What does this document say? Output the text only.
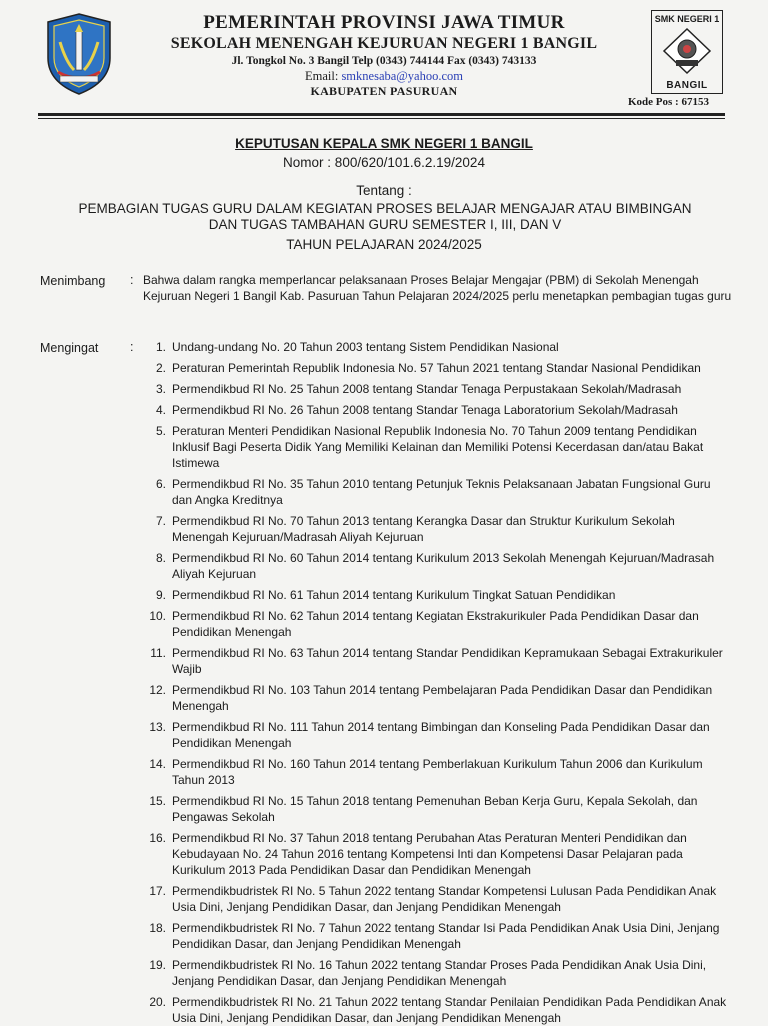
PEMERINTAH PROVINSI JAWA TIMUR
SEKOLAH MENENGAH KEJURUAN NEGERI 1 BANGIL
Jl. Tongkol No. 3 Bangil Telp (0343) 744144 Fax (0343) 743133
Email: smknesaba@yahoo.com
KABUPATEN PASURUAN
SMK NEGERI 1
BANGIL
Kode Pos : 67153
KEPUTUSAN KEPALA SMK NEGERI 1 BANGIL
Nomor : 800/620/101.6.2.19/2024
Tentang :
PEMBAGIAN TUGAS GURU DALAM KEGIATAN PROSES BELAJAR MENGAJAR ATAU BIMBINGAN
DAN TUGAS TAMBAHAN GURU SEMESTER I, III, DAN V
TAHUN PELAJARAN 2024/2025
Menimbang : Bahwa dalam rangka memperlancar pelaksanaan Proses Belajar Mengajar (PBM) di Sekolah Menengah Kejuruan Negeri 1 Bangil Kab. Pasuruan Tahun Pelajaran 2024/2025 perlu menetapkan pembagian tugas guru
Mengingat	:	1. Undang-undang No. 20 Tahun 2003 tentang Sistem Pendidikan Nasional
2. Peraturan Pemerintah Republik Indonesia No. 57 Tahun 2021 tentang Standar Nasional Pendidikan
3. Permendikbud RI No. 25 Tahun 2008 tentang Standar Tenaga Perpustakaan Sekolah/Madrasah
4. Permendikbud RI No. 26 Tahun 2008 tentang Standar Tenaga Laboratorium Sekolah/Madrasah
5. Peraturan Menteri Pendidikan Nasional Republik Indonesia No. 70 Tahun 2009 tentang Pendidikan Inklusif Bagi Peserta Didik Yang Memiliki Kelainan dan Memiliki Potensi Kecerdasan dan/atau Bakat Istimewa
6. Permendikbud RI No. 35 Tahun 2010 tentang Petunjuk Teknis Pelaksanaan Jabatan Fungsional Guru dan Angka Kreditnya
7. Permendikbud RI No. 70 Tahun 2013 tentang Kerangka Dasar dan Struktur Kurikulum Sekolah Menengah Kejuruan/Madrasah Aliyah Kejuruan
8. Permendikbud RI No. 60 Tahun 2014 tentang Kurikulum 2013 Sekolah Menengah Kejuruan/Madrasah Aliyah Kejuruan
9. Permendikbud RI No. 61 Tahun 2014 tentang Kurikulum Tingkat Satuan Pendidikan
10. Permendikbud RI No. 62 Tahun 2014 tentang Kegiatan Ekstrakurikuler Pada Pendidikan Dasar dan Pendidikan Menengah
11. Permendikbud RI No. 63 Tahun 2014 tentang Standar Pendidikan Kepramukaan Sebagai Extrakurikuler Wajib
12. Permendikbud RI No. 103 Tahun 2014 tentang Pembelajaran Pada Pendidikan Dasar dan Pendidikan Menengah
13. Permendikbud RI No. 111 Tahun 2014 tentang Bimbingan dan Konseling Pada Pendidikan Dasar dan Pendidikan Menengah
14. Permendikbud RI No. 160 Tahun 2014 tentang Pemberlakuan Kurikulum Tahun 2006 dan Kurikulum Tahun 2013
15. Permendikbud RI No. 15 Tahun 2018 tentang Pemenuhan Beban Kerja Guru, Kepala Sekolah, dan Pengawas Sekolah
16. Permendikbud RI No. 37 Tahun 2018 tentang Perubahan Atas Peraturan Menteri Pendidikan dan Kebudayaan No. 24 Tahun 2016 tentang Kompetensi Inti dan Kompetensi Dasar Pelajaran pada Kurikulum 2013 Pada Pendidikan Dasar dan Pendidikan Menengah
17. Permendikbudristek RI No. 5 Tahun 2022 tentang Standar Kompetensi Lulusan Pada Pendidikan Anak Usia Dini, Jenjang Pendidikan Dasar, dan Jenjang Pendidikan Menengah
18. Permendikbudristek RI No. 7 Tahun 2022 tentang Standar Isi Pada Pendidikan Anak Usia Dini, Jenjang Pendidikan Dasar, dan Jenjang Pendidikan Menengah
19. Permendikbudristek RI No. 16 Tahun 2022 tentang Standar Proses Pada Pendidikan Anak Usia Dini, Jenjang Pendidikan Dasar, dan Jenjang Pendidikan Menengah
20. Permendikbudristek RI No. 21 Tahun 2022 tentang Standar Penilaian Pendidikan Pada Pendidikan Anak Usia Dini, Jenjang Pendidikan Dasar, dan Jenjang Pendidikan Menengah
